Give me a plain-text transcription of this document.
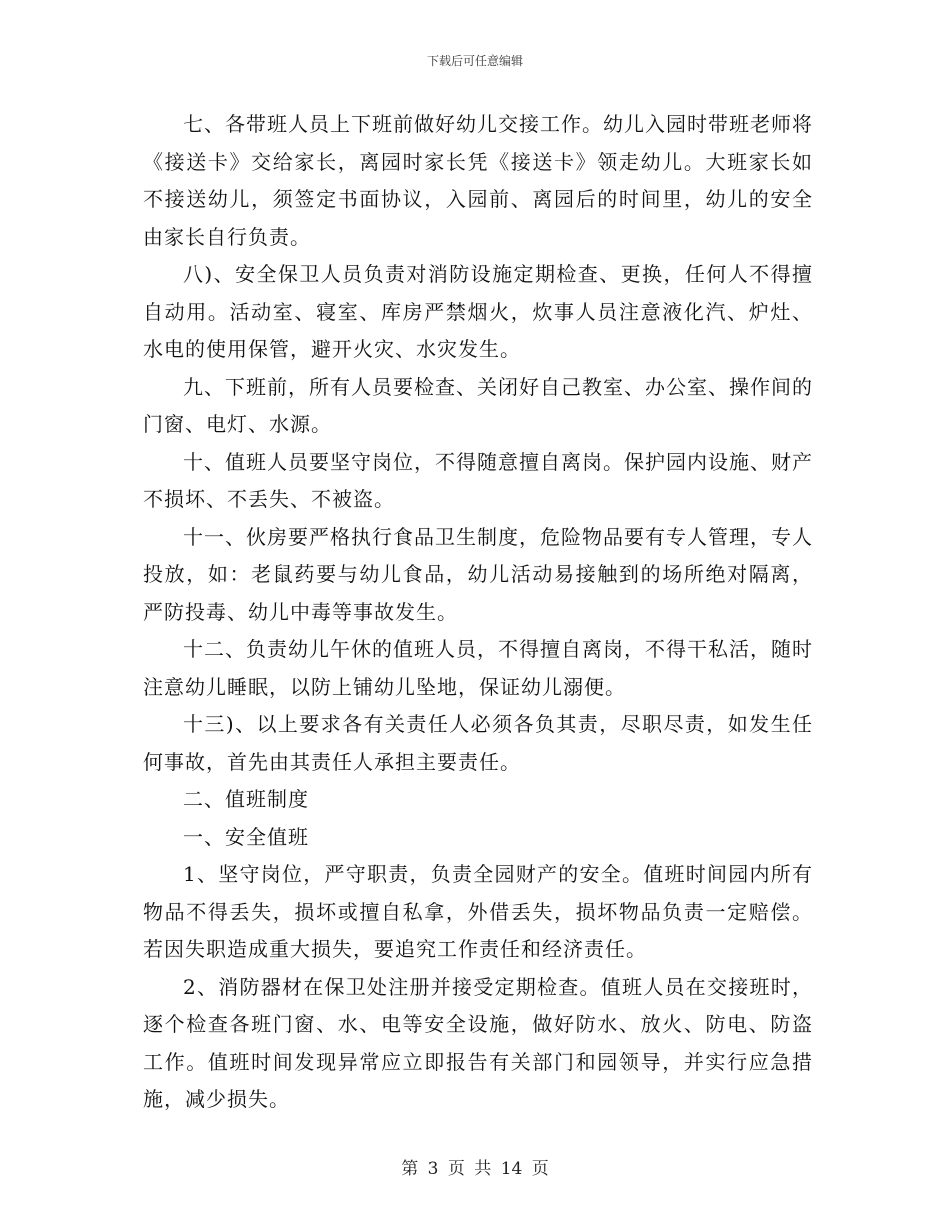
下载后可任意编辑

七、各带班人员上下班前做好幼儿交接工作。幼儿入园时带班老师将《接送卡》交给家长，离园时家长凭《接送卡》领走幼儿。大班家长如不接送幼儿，须签定书面协议，入园前、离园后的时间里，幼儿的安全由家长自行负责。

八)、安全保卫人员负责对消防设施定期检查、更换，任何人不得擅自动用。活动室、寝室、库房严禁烟火，炊事人员注意液化汽、炉灶、水电的使用保管，避开火灾、水灾发生。

九、下班前，所有人员要检查、关闭好自己教室、办公室、操作间的门窗、电灯、水源。

十、值班人员要坚守岗位，不得随意擅自离岗。保护园内设施、财产不损坏、不丢失、不被盗。

十一、伙房要严格执行食品卫生制度，危险物品要有专人管理，专人投放，如：老鼠药要与幼儿食品，幼儿活动易接触到的场所绝对隔离，严防投毒、幼儿中毒等事故发生。

十二、负责幼儿午休的值班人员，不得擅自离岗，不得干私活，随时注意幼儿睡眠，以防上铺幼儿坠地，保证幼儿溺便。

十三)、以上要求各有关责任人必须各负其责，尽职尽责，如发生任何事故，首先由其责任人承担主要责任。

二、值班制度

一、安全值班

1、坚守岗位，严守职责，负责全园财产的安全。值班时间园内所有物品不得丢失，损坏或擅自私拿，外借丢失，损坏物品负责一定赔偿。若因失职造成重大损失，要追究工作责任和经济责任。

2、消防器材在保卫处注册并接受定期检查。值班人员在交接班时，逐个检查各班门窗、水、电等安全设施，做好防水、放火、防电、防盗工作。值班时间发现异常应立即报告有关部门和园领导，并实行应急措施，减少损失。

第 3 页 共 14 页
